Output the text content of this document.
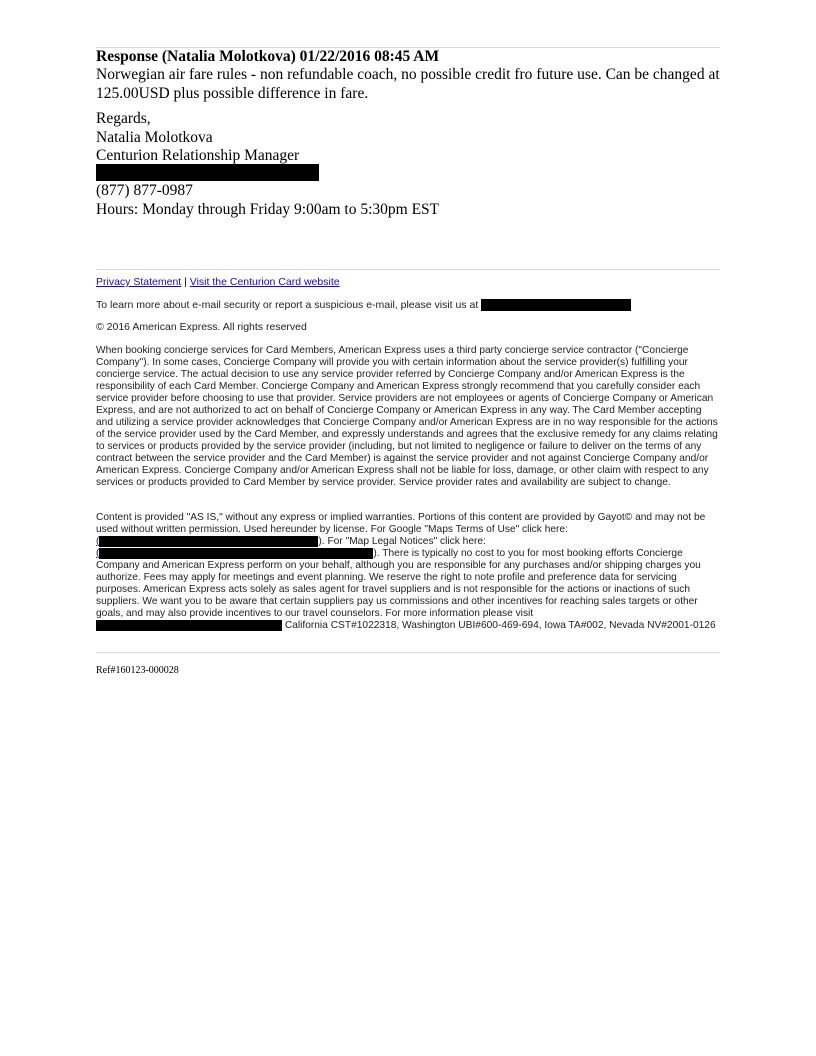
Response (Natalia Molotkova) 01/22/2016 08:45 AM
Norwegian air fare rules - non refundable coach, no possible credit fro future use. Can be changed at 125.00USD plus possible difference in fare.
Regards,
Natalia Molotkova
Centurion Relationship Manager
(877) 877-0987
Hours: Monday through Friday 9:00am to 5:30pm EST
Privacy Statement | Visit the Centurion Card website
To learn more about e-mail security or report a suspicious e-mail, please visit us at
© 2016 American Express. All rights reserved
When booking concierge services for Card Members, American Express uses a third party concierge service contractor ("Concierge Company"). In some cases, Concierge Company will provide you with certain information about the service provider(s) fulfilling your concierge service. The actual decision to use any service provider referred by Concierge Company and/or American Express is the responsibility of each Card Member. Concierge Company and American Express strongly recommend that you carefully consider each service provider before choosing to use that provider. Service providers are not employees or agents of Concierge Company or American Express, and are not authorized to act on behalf of Concierge Company or American Express in any way. The Card Member accepting and utilizing a service provider acknowledges that Concierge Company and/or American Express are in no way responsible for the actions of the service provider used by the Card Member, and expressly understands and agrees that the exclusive remedy for any claims relating to services or products provided by the service provider (including, but not limited to negligence or failure to deliver on the terms of any contract between the service provider and the Card Member) is against the service provider and not against Concierge Company and/or American Express. Concierge Company and/or American Express shall not be liable for loss, damage, or other claim with respect to any services or products provided to Card Member by service provider. Service provider rates and availability are subject to change.
Content is provided "AS IS," without any express or implied warranties. Portions of this content are provided by Gayot© and may not be used without written permission. Used hereunder by license. For Google "Maps Terms of Use" click here:
(	). For "Map Legal Notices" click here:
(	). There is typically no cost to you for most booking efforts Concierge Company and American Express perform on your behalf, although you are responsible for any purchases and/or shipping charges you authorize. Fees may apply for meetings and event planning. We reserve the right to note profile and preference data for servicing purposes. American Express acts solely as sales agent for travel suppliers and is not responsible for the actions or inactions of such suppliers. We want you to be aware that certain suppliers pay us commissions and other incentives for reaching sales targets or other goals, and may also provide incentives to our travel counselors. For more information please visit
California CST#1022318, Washington UBI#600-469-694, Iowa TA#002, Nevada NV#2001-0126
Ref#160123-000028
